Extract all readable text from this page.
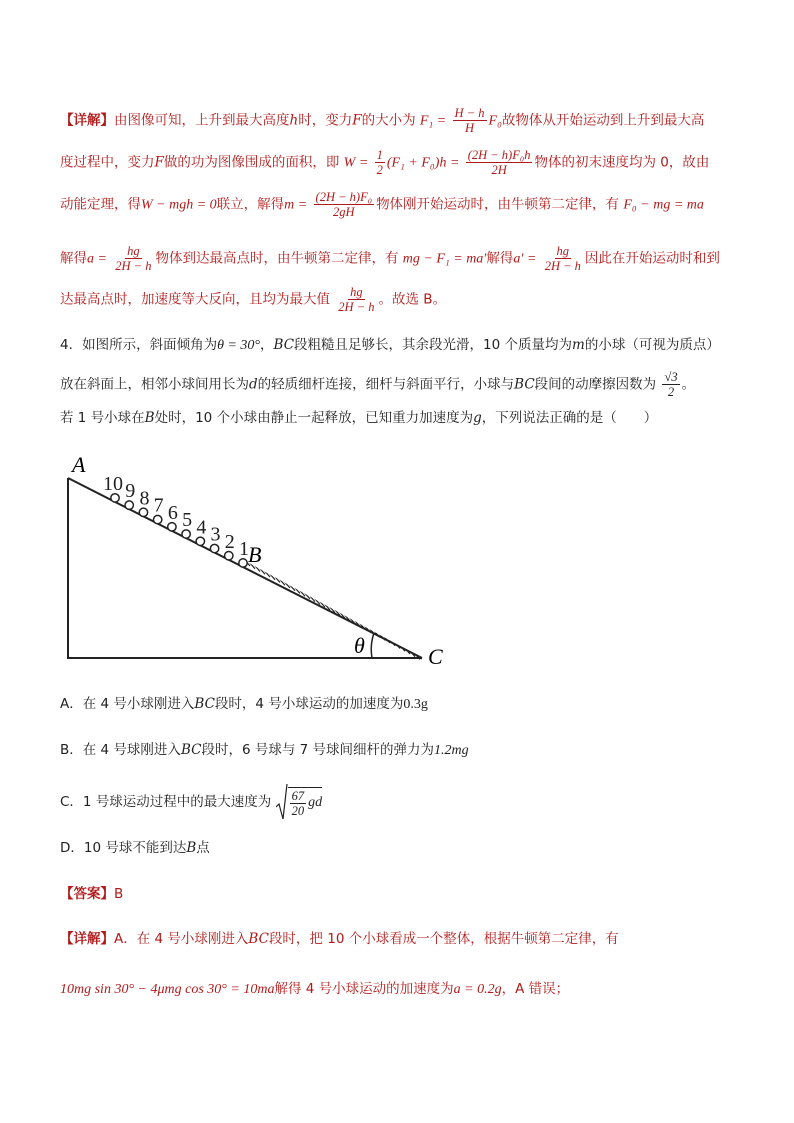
【详解】由图像可知，上升到最大高度h时，变力F的大小为 $F_1 = \frac{H - h}{H} F_0$故物体从开始运动到上升到最大高
度过程中，变力F做的功为图像围成的面积，即 $W = \frac{1}{2} (F_1 + F_0)h = \frac{\text{(2H − h)F₀h}}{2H}$ 物体的初末速度均为 0，故由
动能定理，得W − mgh = 0联立，解得$m = \frac{\text{(2H − h)F₀}}{2gH}$ 物体刚开始运动时，由牛顿第二定律，有 F₀ − mg = ma
解得$a = \frac{hg}{2H - h}$ 物体到达最高点时，由牛顿第二定律，有 mg − F₁ = ma′解得$a' = \frac{hg}{2H - h}$ 因此在开始运动时和到
达最高点时，加速度等大反向，且均为最大值 $\frac{hg}{2H - h}$ 。故选 B。
4．如图所示，斜面倾角为θ = 30°，BC段粗糙且足够长，其余段光滑，10 个质量均为m的小球（可视为质点）
放在斜面上，相邻小球间用长为d的轻质细杆连接，细杆与斜面平行，小球与BC段间的动摩擦因数为 $\frac{√3}{2}$ 。
若 1 号小球在B处时，10 个小球由静止一起释放，已知重力加速度为g，下列说法正确的是（　　）
A
B
C
θ
10 9 8 7 6 5 4 3 2 1
A．在 4 号小球刚进入BC段时，4 号小球运动的加速度为0.3g
B．在 4 号球刚进入BC段时，6 号球与 7 号球间细杆的弹力为1.2mg
C．1 号球运动过程中的最大速度为 $\frac{67}{20}$ gd
D．10 号球不能到达B点
【答案】B
【详解】A．在 4 号小球刚进入BC段时，把 10 个小球看成一个整体，根据牛顿第二定律，有
10mg sin 30° − 4μmg cos 30° = 10ma解得 4 号小球运动的加速度为a = 0.2g，A 错误；
